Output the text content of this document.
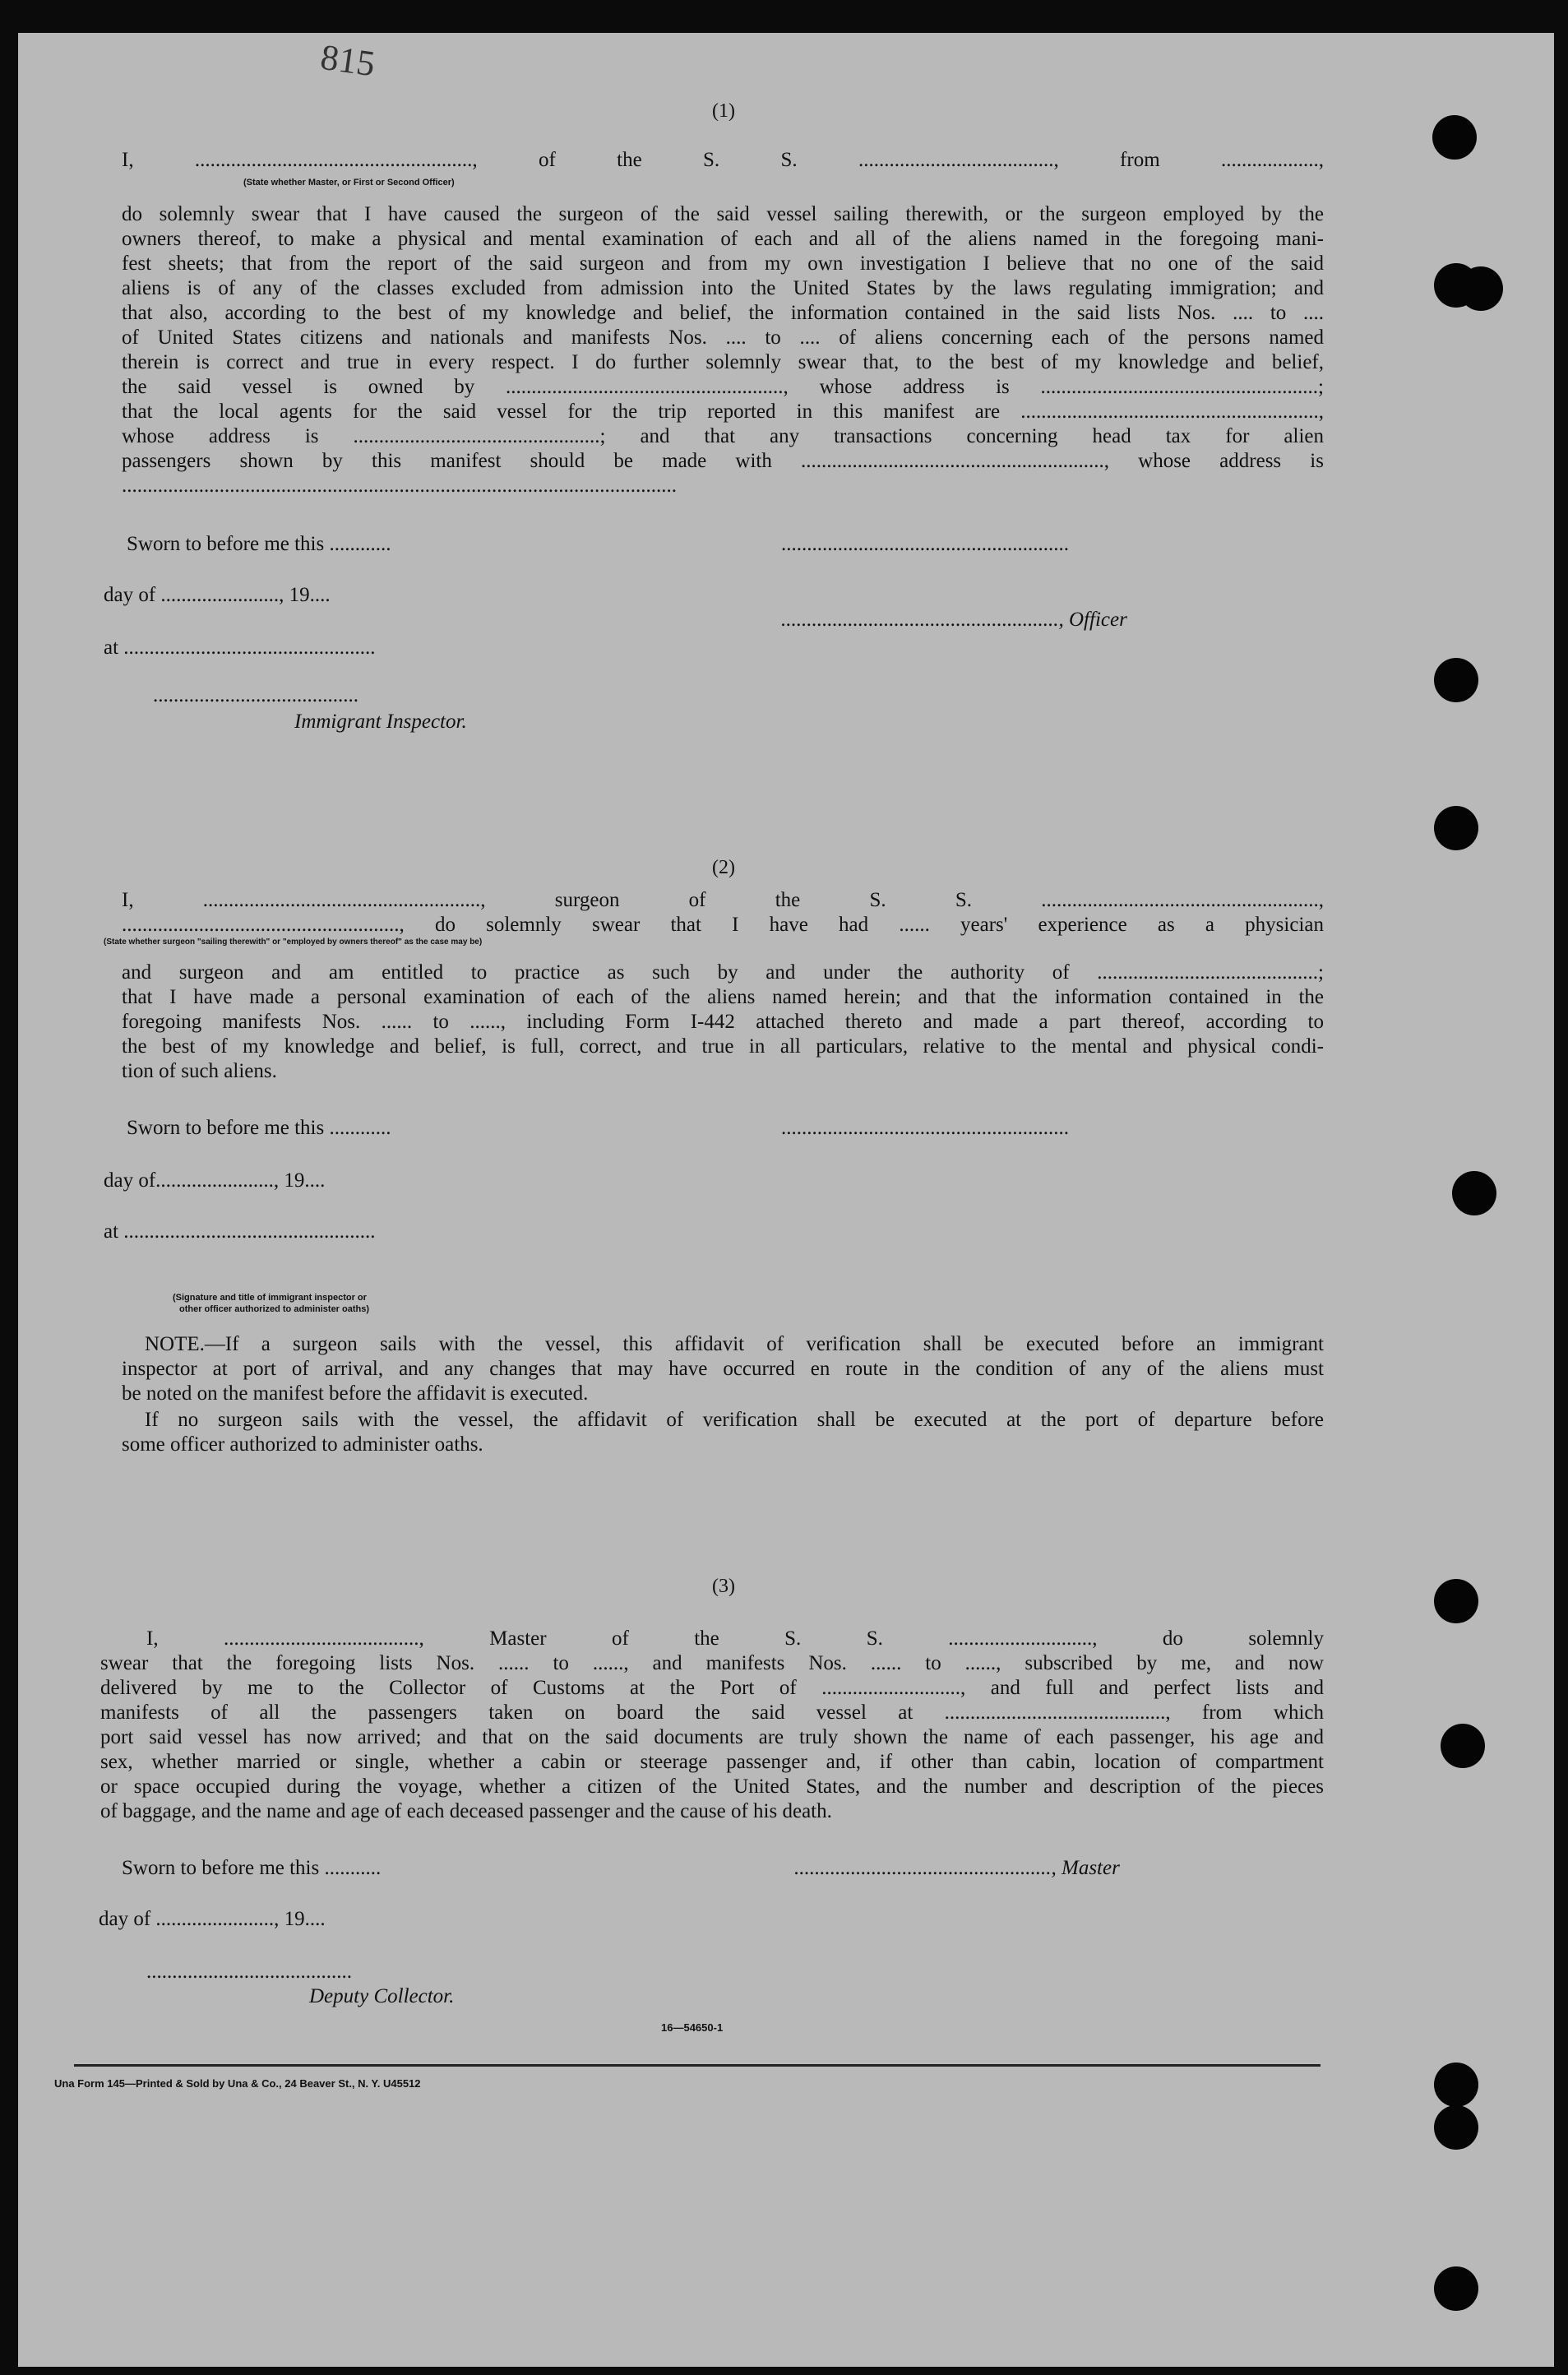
815
(1)
I, ......................................................, of the S. S. ......................................, from ...................,
(State whether Master, or First or Second Officer)
do solemnly swear that I have caused the surgeon of the said vessel sailing therewith, or the surgeon employed by the
owners thereof, to make a physical and mental examination of each and all of the aliens named in the foregoing mani-
fest sheets; that from the report of the said surgeon and from my own investigation I believe that no one of the said
aliens is of any of the classes excluded from admission into the United States by the laws regulating immigration; and
that also, according to the best of my knowledge and belief, the information contained in the said lists Nos. .... to ....
of United States citizens and nationals and manifests Nos. .... to .... of aliens concerning each of the persons named
therein is correct and true in every respect. I do further solemnly swear that, to the best of my knowledge and belief,
the said vessel is owned by ......................................................, whose address is ......................................................;
that the local agents for the said vessel for the trip reported in this manifest are ..........................................................,
whose address is ................................................; and that any transactions concerning head tax for alien
passengers shown by this manifest should be made with ..........................................................., whose address is
............................................................................................................
Sworn to before me this ............	........................................................
day of ......................., 19....
......................................................, Officer
at .................................................
........................................
Immigrant Inspector.
(2)
I, ......................................................, surgeon of the S. S. ......................................................,
......................................................, do solemnly swear that I have had ...... years' experience as a physician
(State whether surgeon "sailing therewith" or "employed by owners thereof" as the case may be)
and surgeon and am entitled to practice as such by and under the authority of ...........................................;
that I have made a personal examination of each of the aliens named herein; and that the information contained in the
foregoing manifests Nos. ...... to ......, including Form I-442 attached thereto and made a part thereof, according to
the best of my knowledge and belief, is full, correct, and true in all particulars, relative to the mental and physical condi-
tion of such aliens.
Sworn to before me this ............	........................................................
day of......................., 19....
at .................................................
(Signature and title of immigrant inspector or
other officer authorized to administer oaths)
NOTE.—If a surgeon sails with the vessel, this affidavit of verification shall be executed before an immigrant
inspector at port of arrival, and any changes that may have occurred en route in the condition of any of the aliens must
be noted on the manifest before the affidavit is executed.
If no surgeon sails with the vessel, the affidavit of verification shall be executed at the port of departure before
some officer authorized to administer oaths.
(3)
I, ......................................, Master of the S. S. ............................, do solemnly
swear that the foregoing lists Nos. ...... to ......, and manifests Nos. ...... to ......, subscribed by me, and now
delivered by me to the Collector of Customs at the Port of ..........................., and full and perfect lists and
manifests of all the passengers taken on board the said vessel at ..........................................., from which
port said vessel has now arrived; and that on the said documents are truly shown the name of each passenger, his age and
sex, whether married or single, whether a cabin or steerage passenger and, if other than cabin, location of compartment
or space occupied during the voyage, whether a citizen of the United States, and the number and description of the pieces
of baggage, and the name and age of each deceased passenger and the cause of his death.
Sworn to before me this ...........	.................................................., Master
day of ......................., 19....
........................................
Deputy Collector.
16—54650-1
Una Form 145—Printed & Sold by Una & Co., 24 Beaver St., N. Y. U45512
